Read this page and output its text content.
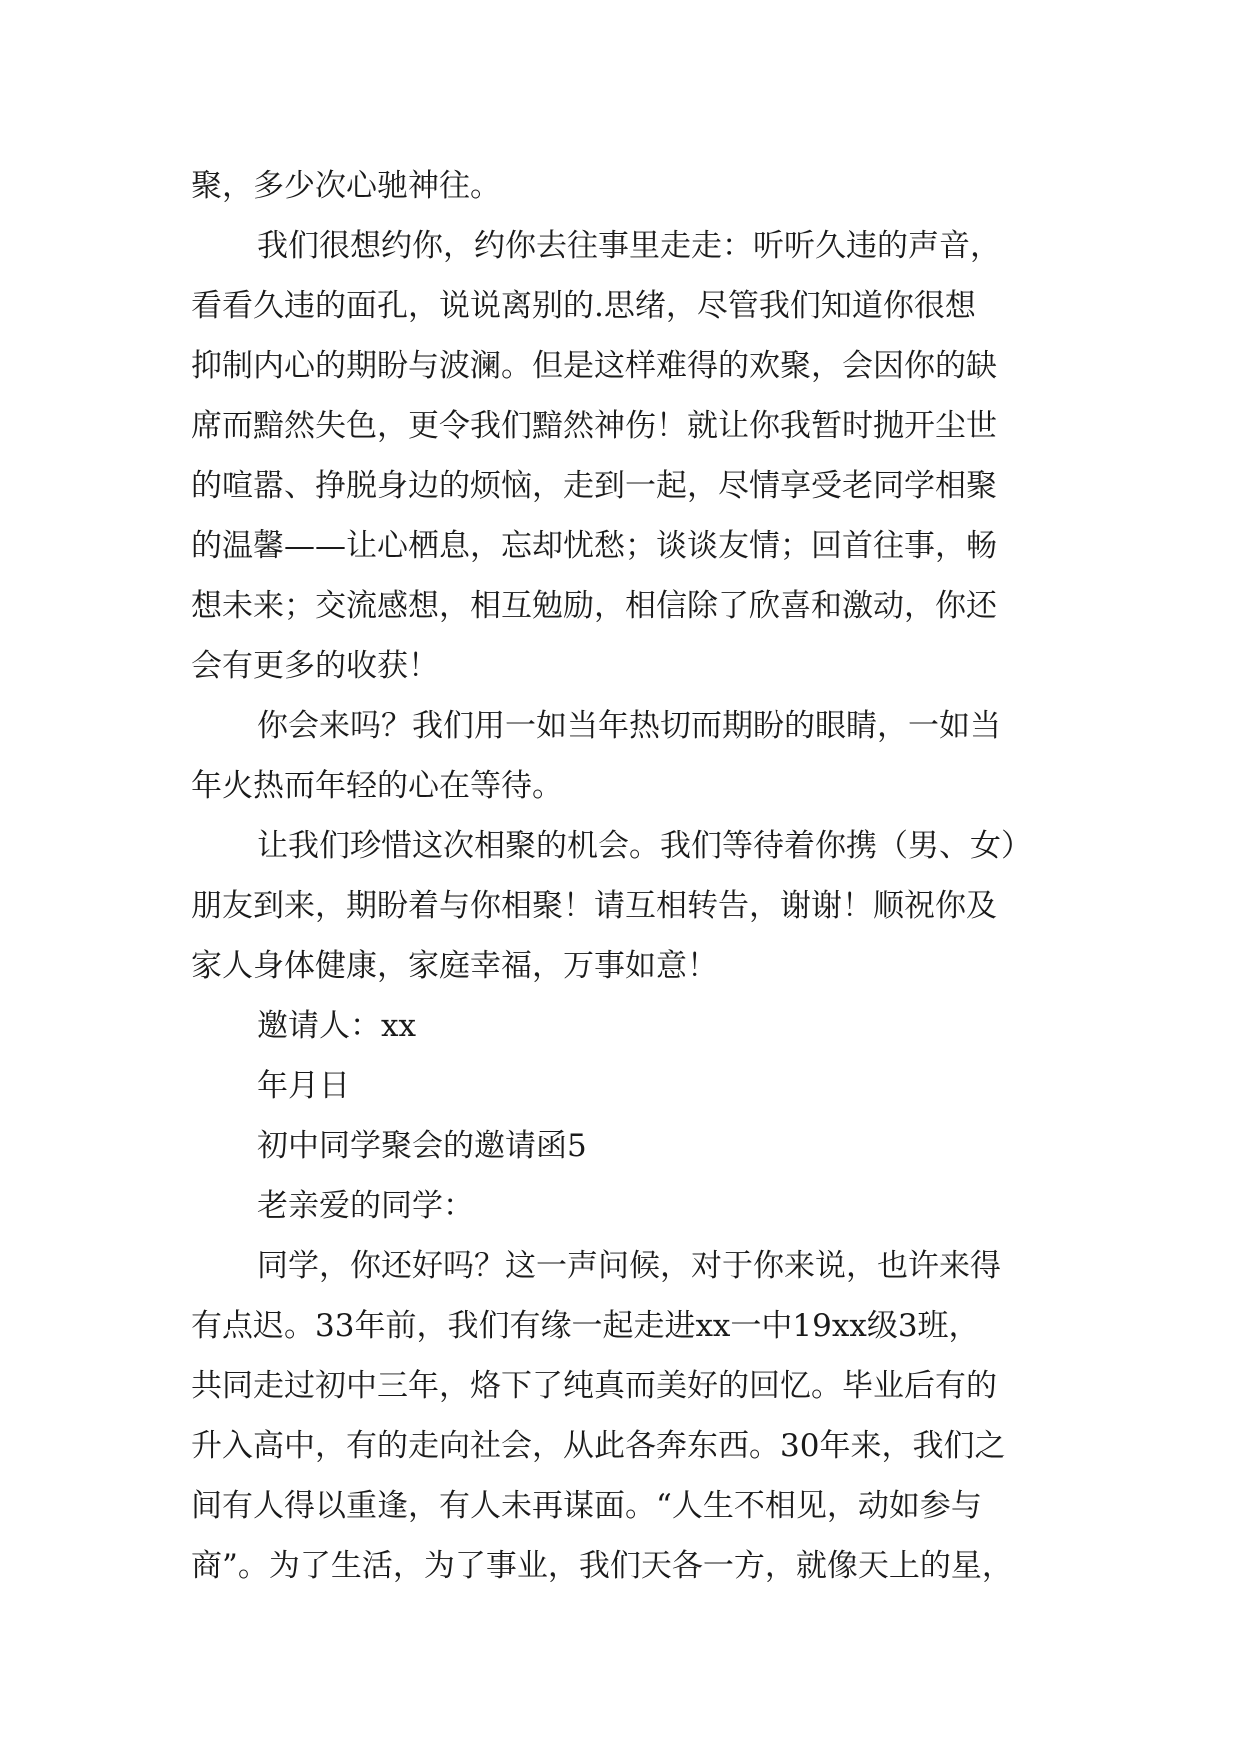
聚，多少次心驰神往。
我们很想约你，约你去往事里走走：听听久违的声音，
看看久违的面孔，说说离别的.思绪，尽管我们知道你很想
抑制内心的期盼与波澜。但是这样难得的欢聚，会因你的缺
席而黯然失色，更令我们黯然神伤！就让你我暂时抛开尘世
的喧嚣、挣脱身边的烦恼，走到一起，尽情享受老同学相聚
的温馨——让心栖息，忘却忧愁；谈谈友情；回首往事，畅
想未来；交流感想，相互勉励，相信除了欣喜和激动，你还
会有更多的收获！
你会来吗？我们用一如当年热切而期盼的眼睛，一如当
年火热而年轻的心在等待。
让我们珍惜这次相聚的机会。我们等待着你携（男、女）
朋友到来，期盼着与你相聚！请互相转告，谢谢！顺祝你及
家人身体健康，家庭幸福，万事如意！
邀请人：xx
年月日
初中同学聚会的邀请函5
老亲爱的同学：
同学，你还好吗？这一声问候，对于你来说，也许来得
有点迟。33年前，我们有缘一起走进xx一中19xx级3班，
共同走过初中三年，烙下了纯真而美好的回忆。毕业后有的
升入高中，有的走向社会，从此各奔东西。30年来，我们之
间有人得以重逢，有人未再谋面。“人生不相见，动如参与
商”。为了生活，为了事业，我们天各一方，就像天上的星，
